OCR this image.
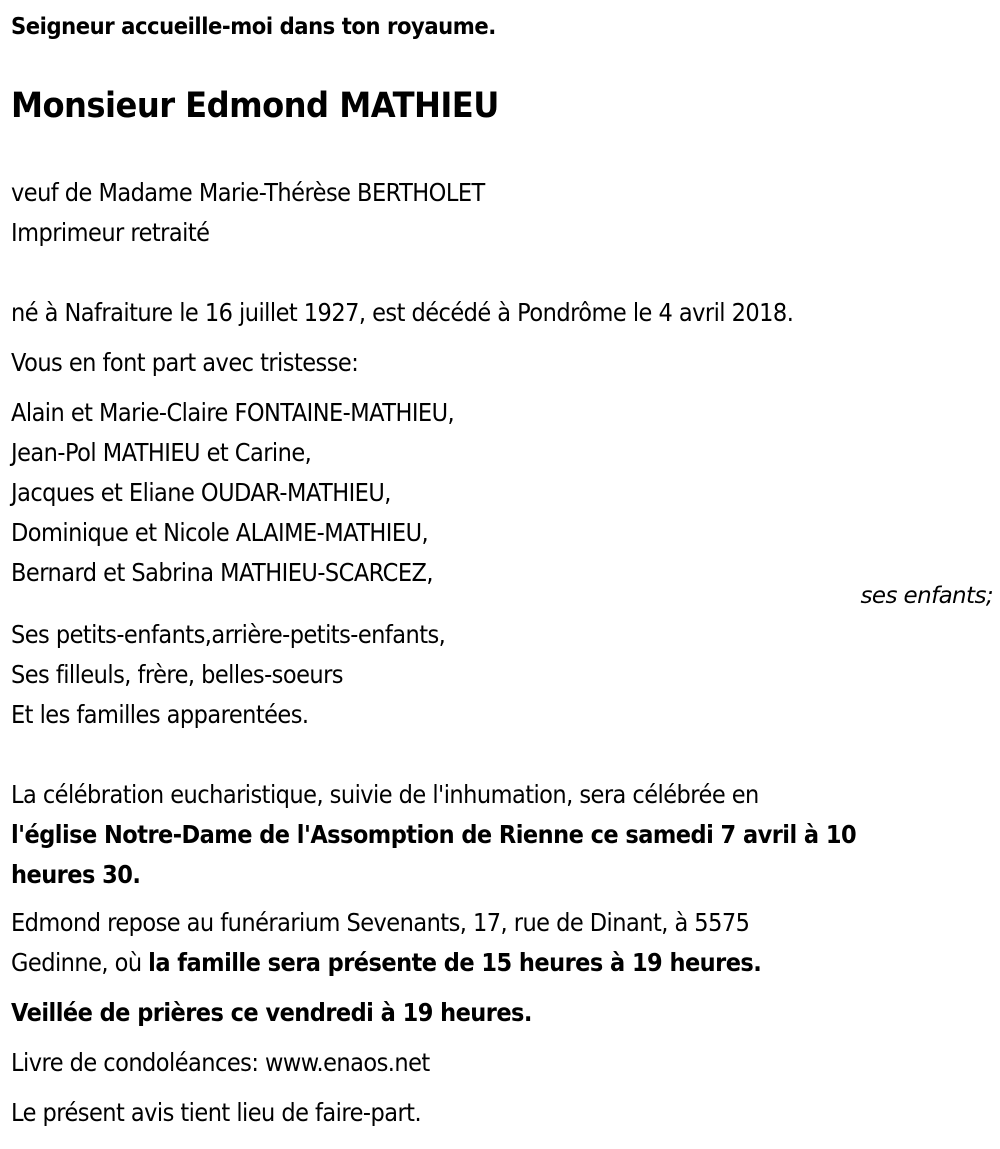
Seigneur accueille-moi dans ton royaume.
Monsieur Edmond MATHIEU
veuf de Madame Marie-Thérèse BERTHOLET
Imprimeur retraité
né à Nafraiture le 16 juillet 1927, est décédé à Pondrôme le 4 avril 2018.
Vous en font part avec tristesse:
Alain et Marie-Claire FONTAINE-MATHIEU,
Jean-Pol MATHIEU et Carine,
Jacques et Eliane OUDAR-MATHIEU,
Dominique et Nicole ALAIME-MATHIEU,
Bernard et Sabrina MATHIEU-SCARCEZ,
ses enfants;
Ses petits-enfants,arrière-petits-enfants,
Ses filleuls, frère, belles-soeurs
Et les familles apparentées.
La célébration eucharistique, suivie de l'inhumation, sera célébrée en
l'église Notre-Dame de l'Assomption de Rienne ce samedi 7 avril à 10
heures 30.
Edmond repose au funérarium Sevenants, 17, rue de Dinant, à 5575
Gedinne, où la famille sera présente de 15 heures à 19 heures.
Veillée de prières ce vendredi à 19 heures.
Livre de condoléances: www.enaos.net
Le présent avis tient lieu de faire-part.
